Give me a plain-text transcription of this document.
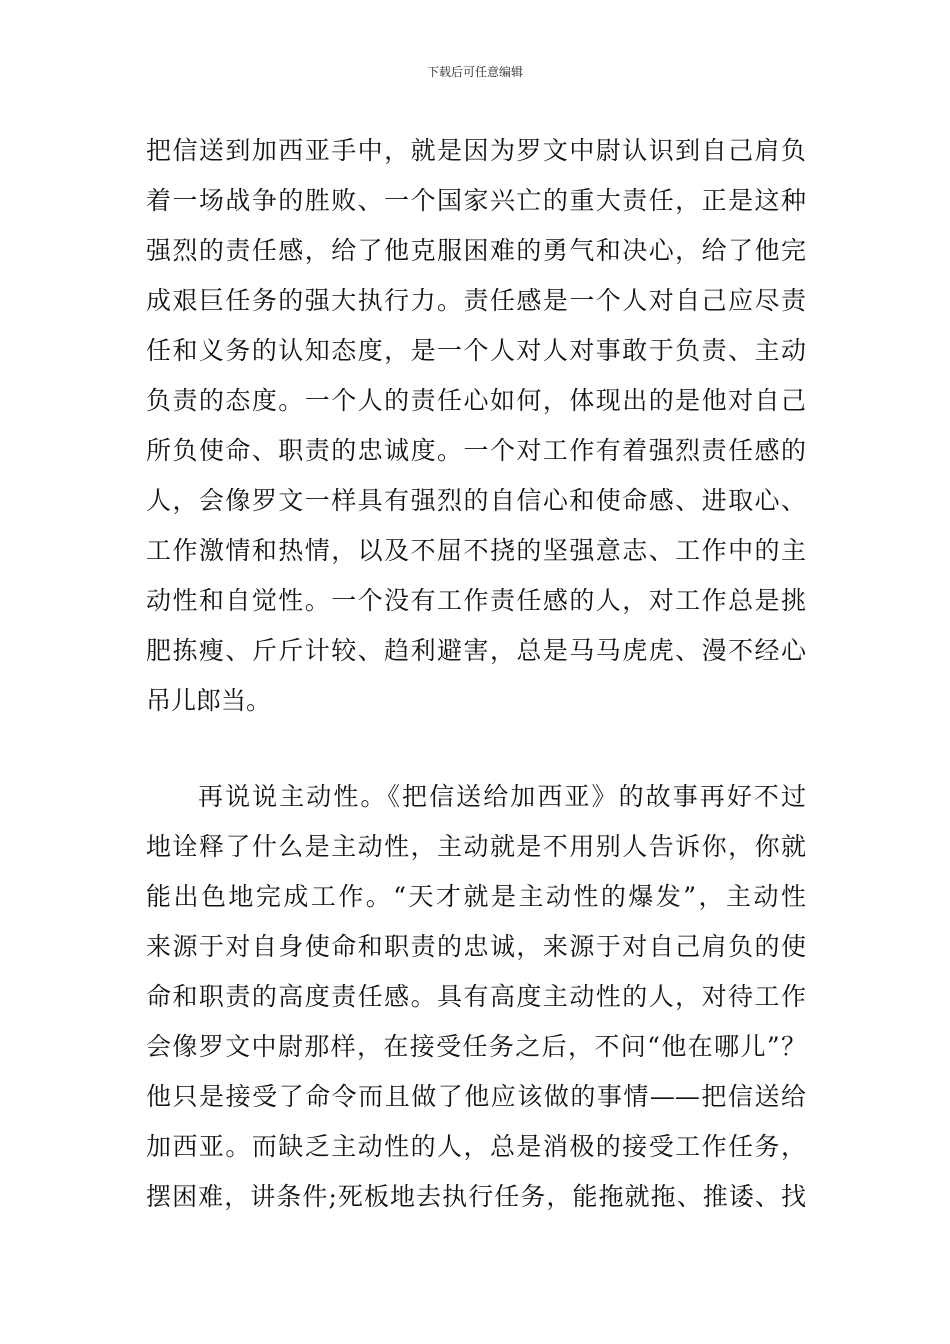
下载后可任意编辑
把信送到加西亚手中，就是因为罗文中尉认识到自己肩负
着一场战争的胜败、一个国家兴亡的重大责任，正是这种
强烈的责任感，给了他克服困难的勇气和决心，给了他完
成艰巨任务的强大执行力。责任感是一个人对自己应尽责
任和义务的认知态度，是一个人对人对事敢于负责、主动
负责的态度。一个人的责任心如何，体现出的是他对自己
所负使命、职责的忠诚度。一个对工作有着强烈责任感的
人，会像罗文一样具有强烈的自信心和使命感、进取心、
工作激情和热情，以及不屈不挠的坚强意志、工作中的主
动性和自觉性。一个没有工作责任感的人，对工作总是挑
肥拣瘦、斤斤计较、趋利避害，总是马马虎虎、漫不经心
吊儿郎当。
再说说主动性。《把信送给加西亚》的故事再好不过
地诠释了什么是主动性，主动就是不用别人告诉你，你就
能出色地完成工作。“天才就是主动性的爆发”，主动性
来源于对自身使命和职责的忠诚，来源于对自己肩负的使
命和职责的高度责任感。具有高度主动性的人，对待工作
会像罗文中尉那样，在接受任务之后，不问“他在哪儿”？
他只是接受了命令而且做了他应该做的事情——把信送给
加西亚。而缺乏主动性的人，总是消极的接受工作任务，
摆困难，讲条件;死板地去执行任务，能拖就拖、推诿、找
